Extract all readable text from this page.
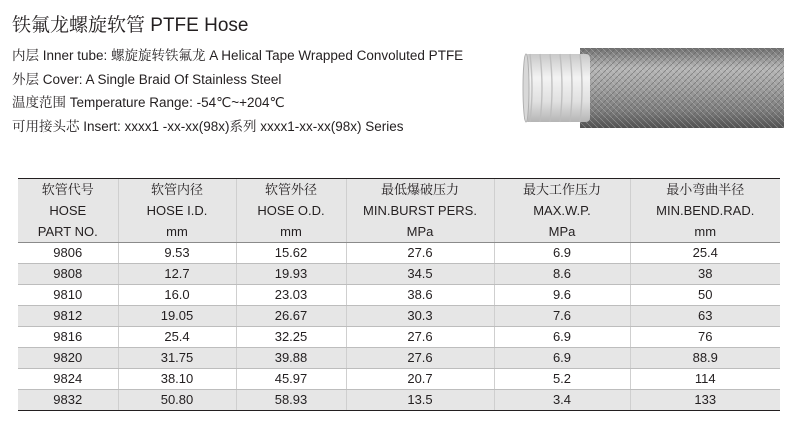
铁氟龙螺旋软管 PTFE Hose
内层 Inner tube: 螺旋旋转铁氟龙 A Helical Tape Wrapped Convoluted PTFE
外层 Cover: A Single Braid Of Stainless Steel
温度范围 Temperature Range: -54℃~+204℃
可用接头芯 Insert: xxxx1 -xx-xx(98x)系列 xxxx1-xx-xx(98x) Series
软管代号	软管内径	软管外径	最低爆破压力	最大工作压力	最小弯曲半径
HOSE	HOSE I.D.	HOSE O.D.	MIN.BURST PERS.	MAX.W.P.	MIN.BEND.RAD.
PART NO.	mm	mm	MPa	MPa	mm
9806	9.53	15.62	27.6	6.9	25.4
9808	12.7	19.93	34.5	8.6	38
9810	16.0	23.03	38.6	9.6	50
9812	19.05	26.67	30.3	7.6	63
9816	25.4	32.25	27.6	6.9	76
9820	31.75	39.88	27.6	6.9	88.9
9824	38.10	45.97	20.7	5.2	114
9832	50.80	58.93	13.5	3.4	133
